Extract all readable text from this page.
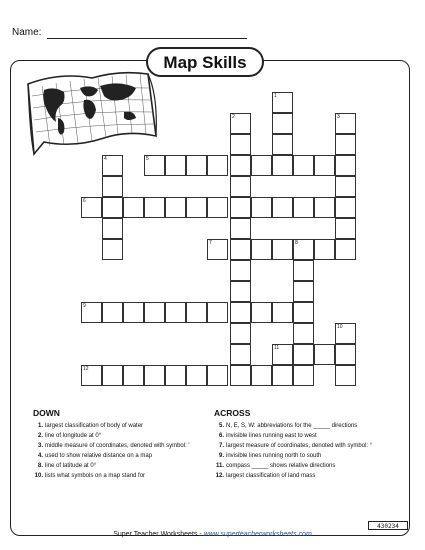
Name:
Map Skills
1
2	3
4	5
6
7	8
9
10
11
12
DOWN
1. largest classification of body of water
2. line of longitude at 0°
3. middle measure of coordinates, denoted with symbol: '
4. used to show relative distance on a map
8. line of latitude at 0°
10. lists what symbols on a map stand for
ACROSS
5. N, E, S, W: abbreviations for the _____ directions
6. invisible lines running east to west
7. largest measure of coordinates, denoted with symbol: °
9. invisible lines running north to south
11. compass _____ shows relative directions
12. largest classification of land mass
430234
Super Teacher Worksheets - www.superteacherworksheets.com
